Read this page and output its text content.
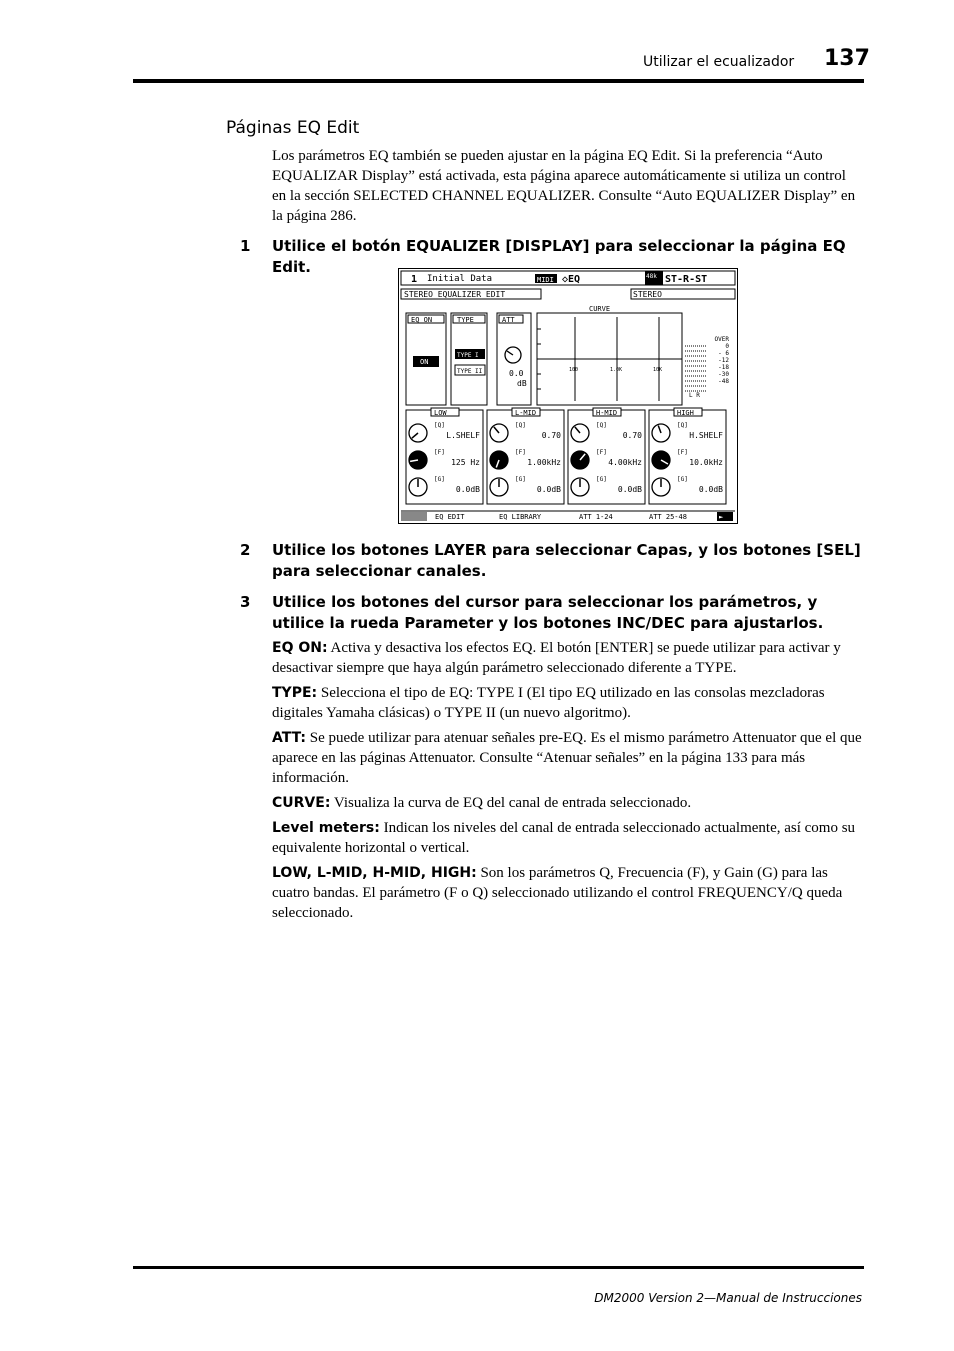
Utilizar el ecualizador 137
Páginas EQ Edit
Los parámetros EQ también se pueden ajustar en la página EQ Edit. Si la preferencia “Auto EQUALIZAR Display” está activada, esta página aparece automáticamente si utiliza un control en la sección SELECTED CHANNEL EQUALIZER. Consulte “Auto EQUALIZER Display” en la página 286.
1 Utilice el botón EQUALIZER [DISPLAY] para seleccionar la página EQ Edit.
1 Initial Data	MIDI ◇EQ	48k ST-R-ST
STEREO EQUALIZER EDIT	STEREO
EQ ON
ON
TYPE
TYPE I
TYPE II
ATT
0.0
dB
CURVE
100	1.0K	10K
OVER
0
- 6
-12
-18
-30
-48
L R
LOW
[Q]
L.SHELF
[F]
125 Hz
[G]
0.0dB
L-MID
[Q]
0.70
[F]
1.00kHz
[G]
0.0dB
H-MID
[Q]
0.70
[F]
4.00kHz
[G]
0.0dB
HIGH
[Q]
H.SHELF
[F]
10.0kHz
[G]
0.0dB
EQ EDIT	EQ LIBRARY	ATT 1-24	ATT 25-48	►
2 Utilice los botones LAYER para seleccionar Capas, y los botones [SEL] para seleccionar canales.
3 Utilice los botones del cursor para seleccionar los parámetros, y utilice la rueda Parameter y los botones INC/DEC para ajustarlos.
EQ ON: Activa y desactiva los efectos EQ. El botón [ENTER] se puede utilizar para activar y desactivar siempre que haya algún parámetro seleccionado diferente a TYPE.
TYPE: Selecciona el tipo de EQ: TYPE I (El tipo EQ utilizado en las consolas mezcladoras digitales Yamaha clásicas) o TYPE II (un nuevo algoritmo).
ATT: Se puede utilizar para atenuar señales pre-EQ. Es el mismo parámetro Attenuator que el que aparece en las páginas Attenuator. Consulte “Atenuar señales” en la página 133 para más información.
CURVE: Visualiza la curva de EQ del canal de entrada seleccionado.
Level meters: Indican los niveles del canal de entrada seleccionado actualmente, así como su equivalente horizontal o vertical.
LOW, L-MID, H-MID, HIGH: Son los parámetros Q, Frecuencia (F), y Gain (G) para las cuatro bandas. El parámetro (F o Q) seleccionado utilizando el control FREQUENCY/Q queda seleccionado.
DM2000 Version 2—Manual de Instrucciones
